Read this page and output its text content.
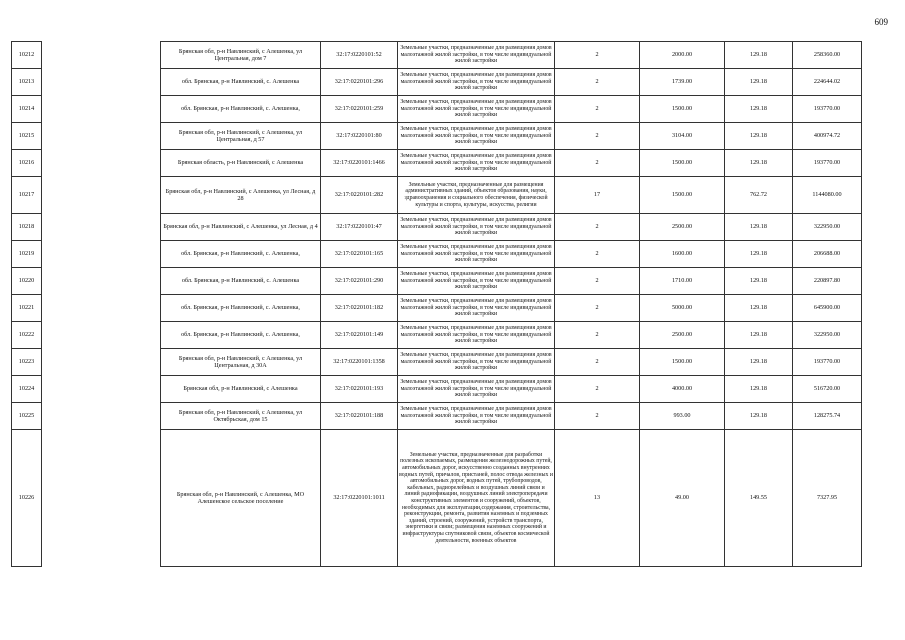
609
10212		Брянская обл, р-н Навлинский, с Алешенка, ул Центральная, дом 7	32:17:0220101:52	Земельные участки, предназначенные для размещения домов малоэтажной жилой застройки, в том числе индивидуальной жилой застройки	2	2000.00	129.18	258360.00
10213		обл. Брянская, р-н Навлинский, с. Алешенка	32:17:0220101:296	Земельные участки, предназначенные для размещения домов малоэтажной жилой застройки, в том числе индивидуальной жилой застройки	2	1739.00	129.18	224644.02
10214		обл. Брянская, р-н Навлинский, с. Алешенка,	32:17:0220101:259	Земельные участки, предназначенные для размещения домов малоэтажной жилой застройки, в том числе индивидуальной жилой застройки	2	1500.00	129.18	193770.00
10215		Брянская обл, р-н Навлинский, с Алешенка, ул Центральная, д 57	32:17:0220101:80	Земельные участки, предназначенные для размещения домов малоэтажной жилой застройки, в том числе индивидуальной жилой застройки	2	3104.00	129.18	400974.72
10216		Брянская область, р-н Навлинский, с Алешенка	32:17:0220101:1466	Земельные участки, предназначенные для размещения домов малоэтажной жилой застройки, в том числе индивидуальной жилой застройки	2	1500.00	129.18	193770.00
10217		Брянская обл, р-н Навлинский, с Алешенка, ул Лесная, д 28	32:17:0220101:282	Земельные участки, предназначенные для размещения административных зданий, объектов образования, науки, здравоохранения и социального обеспечения, физической культуры и спорта, культуры, искусства, религии	17	1500.00	762.72	1144080.00
10218		Брянская обл, р-н Навлинский, с Алешенка, ул Лесная, д 4	32:17:0220101:47	Земельные участки, предназначенные для размещения домов малоэтажной жилой застройки, в том числе индивидуальной жилой застройки	2	2500.00	129.18	322950.00
10219		обл. Брянская, р-н Навлинский, с. Алешенка,	32:17:0220101:165	Земельные участки, предназначенные для размещения домов малоэтажной жилой застройки, в том числе индивидуальной жилой застройки	2	1600.00	129.18	206688.00
10220		обл. Брянская, р-н Навлинский, с. Алешенка	32:17:0220101:290	Земельные участки, предназначенные для размещения домов малоэтажной жилой застройки, в том числе индивидуальной жилой застройки	2	1710.00	129.18	220897.80
10221		обл. Брянская, р-н Навлинский, с. Алешенка,	32:17:0220101:182	Земельные участки, предназначенные для размещения домов малоэтажной жилой застройки, в том числе индивидуальной жилой застройки	2	5000.00	129.18	645900.00
10222		обл. Брянская, р-н Навлинский, с. Алешенка,	32:17:0220101:149	Земельные участки, предназначенные для размещения домов малоэтажной жилой застройки, в том числе индивидуальной жилой застройки	2	2500.00	129.18	322950.00
10223		Брянская обл, р-н Навлинский, с Алешенка, ул Центральная, д 30А	32:17:0220101:1358	Земельные участки, предназначенные для размещения домов малоэтажной жилой застройки, в том числе индивидуальной жилой застройки	2	1500.00	129.18	193770.00
10224		Брянская обл, р-н Навлинский, с Алешенка	32:17:0220101:193	Земельные участки, предназначенные для размещения домов малоэтажной жилой застройки, в том числе индивидуальной жилой застройки	2	4000.00	129.18	516720.00
10225		Брянская обл, р-н Навлинский, с Алешенка, ул Октябрьская, дом 15	32:17:0220101:188	Земельные участки, предназначенные для размещения домов малоэтажной жилой застройки, в том числе индивидуальной жилой застройки	2	993.00	129.18	128275.74
10226		Брянская обл, р-н Навлинский, с Алешенка, МО Алешенское сельское поселение	32:17:0220101:1011	Земельные участки, предназначенные для разработки полезных ископаемых, размещения железнодорожных путей, автомобильных дорог, искусственно созданных внутренних водных путей, причалов, пристаней, полос отвода железных и автомобильных дорог, водных путей, трубопроводов, кабельных, радиорелейных и воздушных линий связи и линий радиофикации, воздушных линий электропередачи конструктивных элементов и сооружений, объектов, необходимых для эксплуатации,содержания, строительства, реконструкции, ремонта, развития наземных и подземных зданий, строений, сооружений, устройств транспорта, энергетики и связи; размещения наземных сооружений и инфраструктуры спутниковой связи, объектов космической деятельности, военных объектов	13	49.00	149.55	7327.95
